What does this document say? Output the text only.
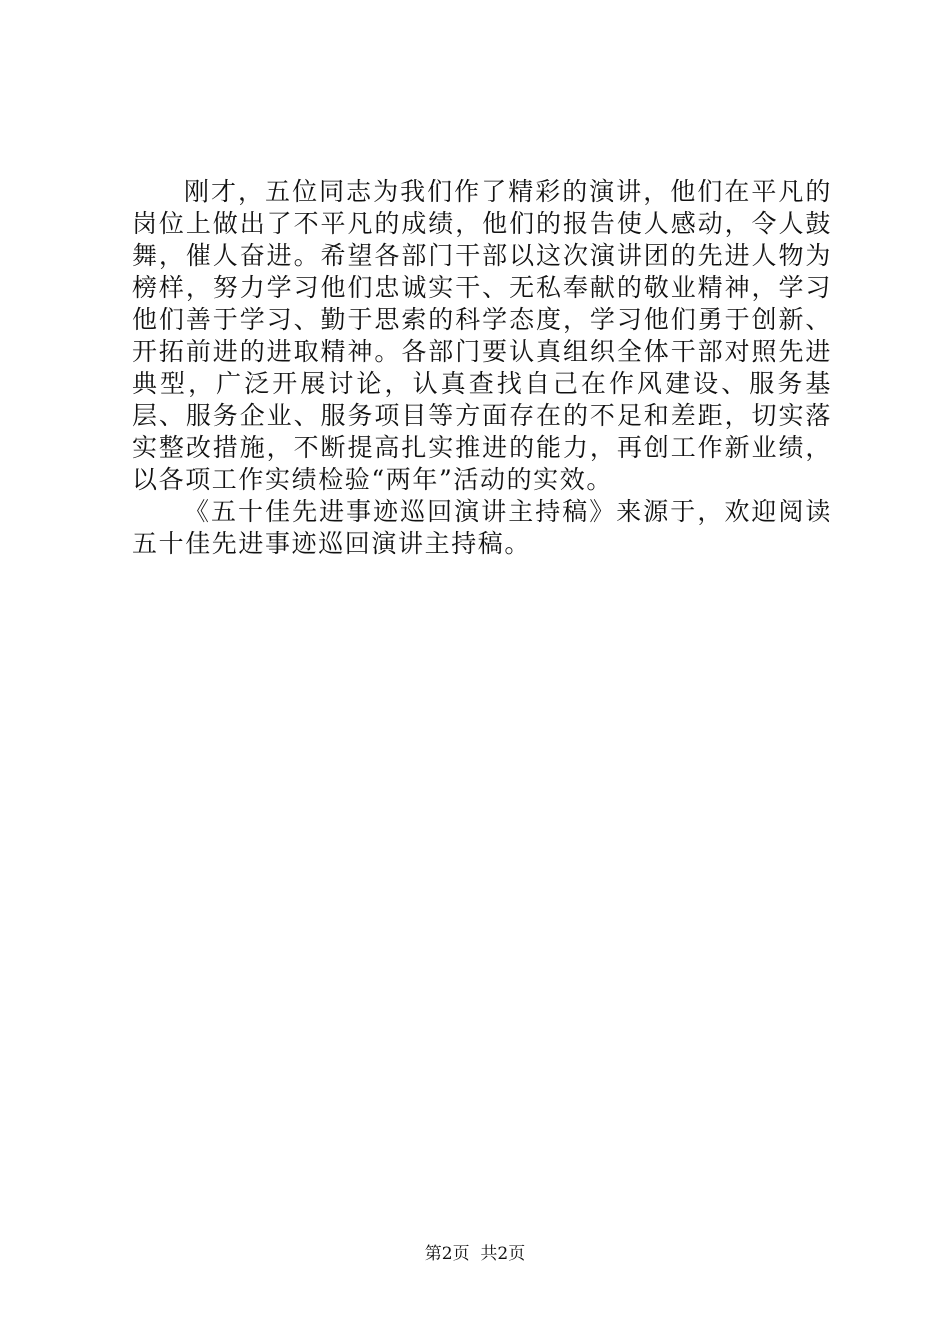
刚才，五位同志为我们作了精彩的演讲，他们在平凡的岗位上做出了不平凡的成绩，他们的报告使人感动，令人鼓舞，催人奋进。希望各部门干部以这次演讲团的先进人物为榜样，努力学习他们忠诚实干、无私奉献的敬业精神，学习他们善于学习、勤于思索的科学态度，学习他们勇于创新、开拓前进的进取精神。各部门要认真组织全体干部对照先进典型，广泛开展讨论，认真查找自己在作风建设、服务基层、服务企业、服务项目等方面存在的不足和差距，切实落实整改措施，不断提高扎实推进的能力，再创工作新业绩，以各项工作实绩检验“两年”活动的实效。

《五十佳先进事迹巡回演讲主持稿》来源于，欢迎阅读五十佳先进事迹巡回演讲主持稿。

第2页 共2页
